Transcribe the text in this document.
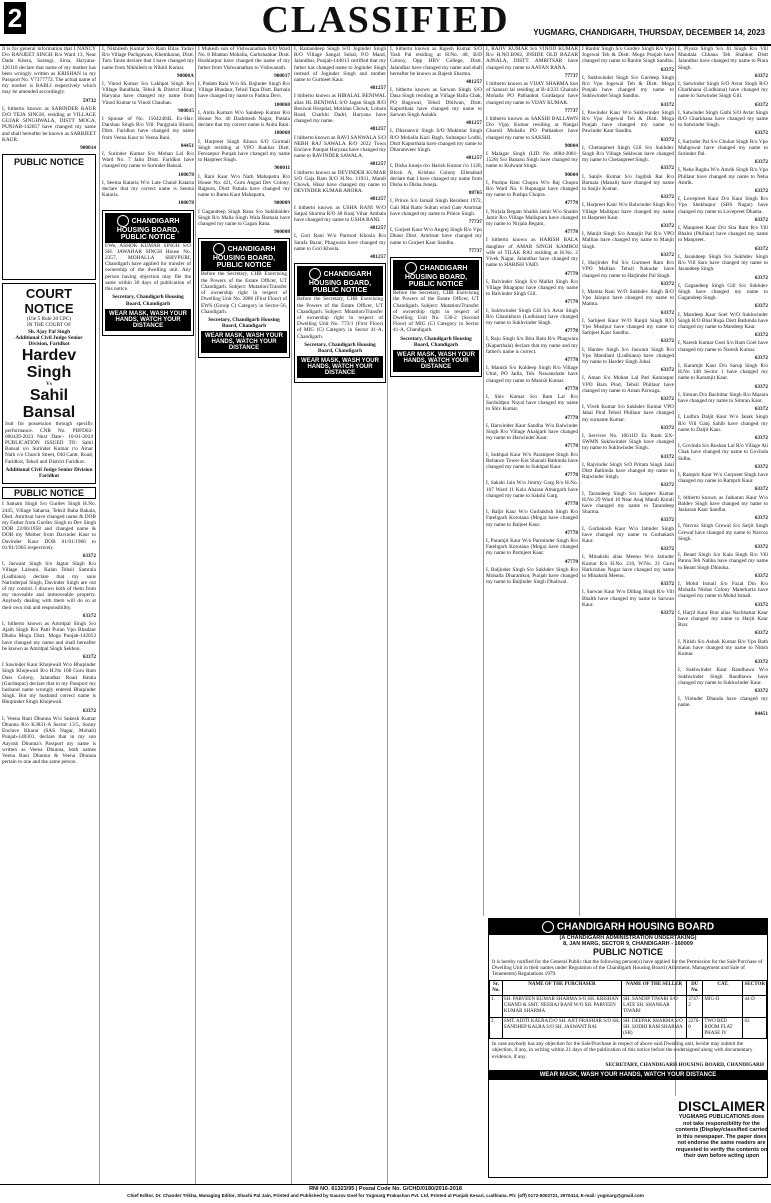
2	CLASSIFIED	YUGMARG, CHANDIGARH, THURSDAY, DECEMBER 14, 2023

It is for general information that I NANCY D/o RANJEET SINGH R/o Ward 13, Near Dada Khera, Sarangi, Sirsa, Haryana-126118 declare that name of my mother has been wrongly written as KRISHAN in my Passport No. V7377772. The actual name of my mother is BABLI respectively which may be amended accordingly.

59732

I, hitherto known as SARINDER KAUR D/O TEJA SINGH, residing at VILLAGE GUJAR SINGHWALA, DISTT MOGA, PUNJAB-142057 have changed my name and shall hereafter be known as SARBJEET KAUR.

900014

PUBLIC NOTICE
COURT NOTICE
(Ule 5 Rule 20 CPC)
IN THE COURT OF
Sh. Ajay Pal Singh
Additional Civil Judge Senior Division, Faridkot
Hardev Singh
Vs
Sahil Bansal

Suit for possession through specific performance. CNR No. PBFD02-000439-2023 Next Date:- 10-01-2024 PUBLICATION ISSUED TO: Sahil Bansal s/o Surinder Kumar r/o Amar Nath c/o Church Street, Old Cantt. Road, Faridkot, Tehsil and District Faridkot.

Additional Civil Judge Senior Division Faridkot

PUBLIC NOTICE

I Satnam Singh S/o Gurdev Singh H.No. 2445, Village Saharsa, Tehsil Baba Bakala, Distt. Amritsar have changed name & DOB my Father from Gurdev Singh to Dev Singh DOB 22/06/1958 and changed name & DOB my Mother from Davinder Kaur to Davinder Kaur DOB 01/01/1966 to 01/01/1965 respectively.

63372

I, Jaswant Singh S/o Jagtar Singh R/o Village Lalouni, Kalan Tehsil Samrala (Ludhiana) declare that my sons Narinderpal Singh, Davinder Singh are out of my control. I disown both of them from my moveable and immoveable property. Anybody dealing with them will do so at their own risk and responsibility.

63372

I, hitherto known as Amritpal Singh S/o Ajaib Singh R/o Patti Puran Vpo Bhadaur Dhaba Moga Distt. Moga Punjab-142053 have changed my name and shall hereafter be known as Amritpal Singh Sekhon.

63372

I Sawinder Kaur Khojewali W/o Bhupinder Singh Khojewali R/o H.No 168 Guru Ram Dass Colony, Jalandhar Road Batala (Gurdaspur) declare that in my Passport my husband name wrongly entered Bhupinder Singh. But my husband correct name is Bhupinder Singh Khojewali.

63372

I, Veena Rani Dhunna W/o Sukesh Kumar Dhunna R/o K3831-A Sector 13/5, Sonny Enclave Kharar (SAS Nagar, Mohali) Punjab-140301, declare that in my son Aayush Dhunna's Passport my name is written as Veena Dhunna, both names Veena Rani Dhunna & Veena Dhunna pertain to one and the same person.

I, Nikhilesh Kumar S/o Ram Bilas Yadav R/o Village Pachgawan, Khemkaran, Distt. Tarn Taran declare that I have changed my name from Nikhilesh to Nikhil Kumar.

90000A

I, Vinod Kumar S/o Lakhpat Singh R/o Village Bandhala, Tehsil & District Hisar, Haryana have changed my name from Vinod Kumar to Vinod Chauhan.

900015

I Spouse of No. 15042404L Ex-Hav. Darshan Singh R/o Vill. Panjgrain Khurd, Distt. Faridkot have changed my name from Veena Kaur to Veena Rani.

84451

I, Surinder Kumar S/o Mohan Lal R/o Ward No. 7 Jaito Distt. Faridkot have changed my name to Surinder Bansal.

100078

I, Seema Kataria W/o Late Chand Kataria declare that my correct name is Seema Kataria.

100078

CHANDIGARH HOUSING BOARD, PUBLIC NOTICE

I/We, ASHOK KUMAR SINGH S/O SH. JAWAHAR SINGH House No. 2357, MOHALLA SHIVPURI, Chandigarh have applied for transfer of ownership of the dwelling unit. Any person having objection may file the same within 30 days of publication of this notice.

Secretary, Chandigarh Housing Board, Chandigarh

WEAR MASK, WASH YOUR HANDS, WATCH YOUR DISTANCE

I Mukesh son of Vishwanathan R/O Ward No. 8 Bhattan Mohalla, Garhshankar Distt. Hoshiarpur have changed the name of my father from Vishwanathan to Vishwanath.

900017

I, Padam Rani W/o Sh. Bajinder Singh R/o Village Bhadaur, Tehsil Tapa Distt. Barnala have changed my name to Padma Devi.

100068

I, Anita Kumari W/o Sandeep Kumar R/o House No. 46 Dashmesh Nagar, Patiala declare that my correct name is Anita Rani.

100068

I, Harpreet Singh Khosa S/O Gurmail Singh residing at VPO Jhakhar Distt. Ferozepur Punjab have changed my name to Harpreet Singh.

900011

I, Rani Kaur W/o Nath Mahapatra R/o House No. 421, Guru Angad Dev Colony, Rajpura, Distt Patiala have changed my name to Rama Kant Mahapatra.

900009

I Gagandeep Singh Rana S/o Sukhbaldev Singh R/o Malla Singh Wala Barnala have changed my name to Gagan Rana.

900008

CHANDIGARH HOUSING BOARD, PUBLIC NOTICE

Before the Secretary, CHB Exercising the Powers of the Estate Officer, UT Chandigarh. Subject: Mutation/Transfer of ownership right in respect of Dwelling Unit No. 2886 (First Floor) of EWS (Group C) Category in Sector-56, Chandigarh.

Secretary, Chandigarh Housing Board, Chandigarh

WEAR MASK, WASH YOUR HANDS, WATCH YOUR DISTANCE

I, Ramandeep Singh S/O Joginder Singh R/O Village Sangal Sohal, P.O Mand, Jalandhar, Punjab-144013 certified that my father has changed name to Joginder Singh instead of Joginder Singh and mother name to Gurmeet Kaur.

481257

I hitherto known as HIRALAL BENIWAL alias HL BENIWAL S/O Jagan Singh R/O Beniwal Hospital, Motidan Chowk, Lohara Road, Charkhi Dadri, Haryana have changed my name.

481257

I hitherto known as RAVI SANWALA S/O NEBH RAJ SAWALA R/O 2022 Town Enclave Panipat Haryana have changed my name to RAVINDER SAWALA.

481257

I hitherto known as DEVINDER KUMAR S/O Gaja Ram R/O H.No. 11931, Mandi Chowk, Hisar have changed my name to DEVINDER KUMAR ARORA.

481257

I hitherto known as USHA RANI W/O Satpal Sharma R/O 48 Kunj Vihar Ambala have changed my name to USHA RANI.

481257

I, Gori Rani W/o Parmod Khosla R/o Sarafa Bazar, Phagwara have changed my name to Gori Khosla.

481257

CHANDIGARH HOUSING BOARD, PUBLIC NOTICE

Before the Secretary, CHB Exercising the Powers of the Estate Officer, UT Chandigarh. Subject: Mutation/Transfer of ownership right in respect of Dwelling Unit No. 773/1 (First Floor) of MIG (C) Category in Sector 41-A, Chandigarh.

Secretary, Chandigarh Housing Board, Chandigarh

WEAR MASK, WASH YOUR HANDS, WATCH YOUR DISTANCE

I, hitherto known as Rajesh Kumar S/O Yash Pal residing at H.No. 48, B/D Colony, Opp HBV College, Distt. Jalandhar have changed my name and shall hereafter be known as Rajesh Sharma.

481257

I, hitherto known as Sarwan Singh S/O Dasa Singh residing at Village Balla Chak, PO Bagowal, Tehsil Dhilwan, Distt. Kapurthala have changed my name to Sarwan Singh Aulakh.

481257

I, Dharamvir Singh S/O Mukhtiar Singh R/O Mohalla Kazi Bagh, Sultanpur Lodhi, Distt Kapurthala have changed my name to Dharamveer Singh.

481257

I, Disha Juneja d/o Harish Kumar r/o 1128, Block A, Krishna Colony Ellenabad declare that I have changed my name from Disha to Disha Juneja.

88765

I, Prince S/o Jarnail Singh Resident 1972, Gali Mai Ratto Sultan wind Gate Amritsar have changed my name to Prince Singh.

77737

I, Gurjeet Kaur W/o Angrej Singh R/o Vpo Dhaur Distt. Amritsar have changed my name to Gurjeet Kaur Sandhu.

77737

CHANDIGARH HOUSING BOARD, PUBLIC NOTICE

Before the Secretary, CHB Exercising the Powers of the Estate Officer, UT Chandigarh. Subject: Mutation/Transfer of ownership right in respect of Dwelling Unit No. 530-2 (Second Floor) of MIG (C) Category in Sector 41-A, Chandigarh.

Secretary, Chandigarh Housing Board, Chandigarh

WEAR MASK, WASH YOUR HANDS, WATCH YOUR DISTANCE

I, RAJIV KUMAR S/o VINOD KUMAR R/o H.NO.B962, INSIDE OLD BAZAR AJNALA, DISTT. AMRITSAR have changed my name to AAYAN RANA.

77737

I hitherto known as VIJAY SHARMA Son of Sansari lal residing at B-4/233 Ghanshi Mohalla PO Pathankot Gurdaspur have changed my name to VIJAY KUMAR.

77737

I hitherto known as SAKSHI BALLAWN D/o Vijay Kumar residing at Nangal Gharoli Mohalla PO Pathankot have changed my name to SAKSHI.

90004

I Malagar Singh (LID No 4684-2081-1528) S/o Banarsi Singh have changed my name to Kulwant Singh.

90004

I, Pushpa Rani Chopra W/o Raj Chopra R/o Ward No. 6 Rupnagar have changed my name to Pushpa Chopra.

47778

I, Nirjala Begam Shaikh Jamir W/o Shaikh Jamir R/o Village Malikpura have changed my name to Nirjala Begam.

47778

I hitherto known as HARISH BALA daughter of AMAR SINGH KAMBOJ wife of TILAK RAJ residing at H.No. 2 Vivek Nagar, Jalandhar have changed my name to HARISH VAID.

47778

I, Balvinder Singh S/o Malkit Singh R/o Village Bhagupur have changed my name to Balvinder Singh Gill.

47778

I, Sukhwinder Singh Gill S/o Avtar Singh R/o Ghanikhura (Ludhiana) have changed my name to Sukhvinder Singh.

47778

I, Raju Singh S/o Bira Ram R/o Phagwara (Kapurthala) declare that my name and my father's name is correct.

47778

I, Manish S/o Kuldeep Singh R/o Village Uttal, PO Jadla, Teh. Nawanshahr have changed my name to Manish Kumar.

47778

I, Shiv Kumar S/o Ram Lal R/o Sarduldpur Nayal have changed my name to Shiv Kumar.

47778

I, Harwinder Kaur Sandhu W/o Balwinder Singh R/o Village Akalgarh have changed my name to Harwinder Kaur.

47778

I, Sukhpal Kaur W/o Paramjeet Singh R/o Reliance Tower Kot Shanali Bathinda have changed my name to Sukhpal Kaur.

47778

I, Sakshi Jain W/o Jimmy Garg R/o H.No. 107 Ward 11 Kalu Aharan Amargarh have changed my name to Sakshi Garg.

47778

I, Baljit Kaur W/o Gurbakhsh Singh R/o Fatehgarh Korotana (Moga) have changed my name to Baljeet Kaur.

47778

I, Paramjit Kaur W/o Parminder Singh R/o Fatehgarh Korotana (Moga) have changed my name to Parmjeet Kaur.

47778

I, Baljinder Singh S/o Sukhdev Singh R/o Mohalla Dharamkot, Punjab have changed my name to Baljinder Singh Dhaliwal.

I Ranbir Singh S/o Gurdev Singh R/o Vpo Jogewal Teh & Distt. Moga Punjab have changed my name to Ranbir Singh Sandhu.

63372

I, Sukhwinder Singh S/o Gurdeep Singh R/o Vpo Jogewal Teh & Distt. Moga Punjab have changed my name to Sukhwinder Singh Sandhu.

63372

I, Pawinder Kaur W/o Sukhwinder Singh R/o Vpo Jogewal Teh & Distt. Moga Punjab have changed my name to Pawinder Kaur Sandhu.

63372

I, Chetanpreet Singh Gill S/o Sukhdev Singh R/o Village Sekhwan have changed my name to Chetanpreet Singh.

63372

I, Sanjiv Kumar S/o Jagdish Rai R/o Barnala (Manali) have changed my name to Sanjiv Kumar.

63372

I, Harpreet Kaur W/o Balwinder Singh R/o Village Malikpur have changed my name to Harpreet Kaur.

63372

I, Manjit Singh S/o Amarjit Pal R/o VPO Mallian have changed my name to Manjit Singh.

63372

I, Harjinder Pal S/o Gurmeet Ram R/o VPO Mallian Tehsil Nakodar have changed my name to Harjinder Pal Singh.

63372

I, Mamta Rani W/O Sukhdev Singh R/O Vpo Jalopur have changed my name to Mamta.

63372

I, Sarbjeet Kaur W/O Ranjit Singh R/O Vpo Muslpur have changed my name to Sarbjeet Kaur Sandhu.

63372

I, Hardev Singh S/o Jaswant Singh R/o Vpo Mandiani (Ludhiana) have changed my name to Hardev Singh Johal.

63372

I, Aman S/o Mohan Lal Pati Kamaspur VPO Bara Pind, Tehsil Phillaur have changed my name to Aman Parwaga.

63372

I, Vivek Kumar S/o Sukhdev Kumar VPO Jahal Pind Tehsil Phillaur have changed my surname Kumar.

63372

I, Servicer No. 16611D Ex Rank EX-SWMN Sukhwinder Singh have changed my name to Sukhwinder Singh.

63372

I, Rajvinder Singh S/O Pritam Singh Jalal Distt Bathinda have changed my name to Rajwinder Singh.

63372

I, Tarandeep Singh S/o Sanjeev Kumar H.No 29 Ward 10 Near Anaj Mandi Kurali have changed my name to Tarandeep Sharma.

63372

I, Gurbakash Kaur W/o Jatinder Singh have changed my name to Gurbakash Kaur.

63372

I, Minakshi alias Meenu W/o Jatinder Kumar R/o H.No. 210, W.No. 21 Guru Harkrishan Nagar have changed my name to Minakshi Meenu.

63372

I, Sarwan Kaur W/o Dilbag Singh R/o Vill Bhalth have changed my name to Sarwan Kaur.

63372

I, Piyara Singh S/o Jit Singh R/o Vill Mandala Chhana Teh Shahkot Distt Jalandhar have changed my name to Piara Singh.

63372

I, Satwinder Singh S/O Avtar Singh R/O Gharkhana (Ludhiana) have changed my name to Satwinder Singh Gill.

63372

I, Satwinder Singh Gathi S/O Avtar Singh R/O Gharkhana have changed my name to Satwinder Singh.

63372

I, Surinder Pal S/o Chuhar Singh R/o Vpo Mahgowal have changed my name to Surinder Pal.

63372

I, Neha Raghu W/o Amrik Singh R/o Vpo Phillaur have changed my name to Neha Amrik.

63372

I, Lovepreet Kaur D/o Kaur Singh R/o Vpo Shekhupur (SBS Nagar) have changed my name to Lovepreet Dhama.

63372

I, Manpreet Kaur D/o Sita Ram R/o Vill Bhalni (Phillaur) have changed my name to Manpreet.

63372

I, Jasandeep Singh S/o Sukhdev Singh R/o Vill Saro have changed my name to Jasandeep Singh.

63372

I, Gagandeep Singh Gill S/o Sukhdev Singh have changed my name to Gagandeep Singh.

63372

I, Mandeep Kaur Soel W/O Sukhwinder Singh R/O Bhal Rupa Distt Bathinda have changed my name to Mandeep Kaur.

63372

I, Naresh Kumar Goel S/o Ram Goel have changed my name to Naresh Kumar.

63372

I, Karamjit Kaur D/o Sarup Singh R/o H.No 148 Sector 1 have changed my name to Karamjit Kaur.

63372

I, Simran D/o Bachittar Singh R/o Mazara have changed my name to Simran Kaur.

63372

I, Ludhra Daljit Kaur W/o Janak Singh R/o Vill Ganj Sahib have changed my name to Daljit Kaur.

63372

I, Govinda S/o Roshan Lal R/o Village Ali Chak have changed my name to Govinda Sidhu.

63372

I, Ramprit Kaur W/o Gurpreet Singh have changed my name to Ramprit Kaur.

63372

I, hitherto known as Jaskaran Kaur W/o Baldev Singh have changed my name to Jaskaran Kaur Sandhu.

63372

I, Navroz Singh Grewal S/o Sarjit Singh Grewal have changed my name to Navroz Singh.

63372

I, Beant Singh S/o Kala Singh R/o Vill Panna Teh Nabha have changed my name to Beant Singh Dhindsa.

63372

I, Mohd Ismail S/o Fazal Din R/o Mohalla Nishat Colony Malerkotla have changed my name to Mohd Ismail.

63372

I, Harjit Kaur Brar alias Nachhattar Kaur have changed my name to Harjit Kaur Brar.

63372

I, Nitish S/o Ashok Kumar R/o Vpo Bath Kalan have changed my name to Nitish Kumar.

63372

I, Sukhwinder Kaur Randhawa W/o Sukhwinder Singh Randhawa have changed my name to Sukhwinder Kaur.

63372

I, Virender Dhanda have changed my name.

84451

CHANDIGARH HOUSING BOARD
(A CHANDIGARH ADMINISTRATION UNDERTAKING)
8, JAN MARG, SECTOR 9, CHANDIGARH - 160009
PUBLIC NOTICE

It is hereby notified for the General Public that the following person(s) have applied for the Permission for the Sale/Purchase of Dwelling Unit in their names under Regulation of the Chandigarh Housing Board (Allotment, Management and Sale of Tenements) Regulations 1979.

Sr. No.	NAME OF THE PURCHASER	NAME OF THE SELLER	DU No.	CAT.	SECTOR
1.	SH. PARVEEN KUMAR SHARMA S/O SH. KRISHAN CHAND & SMT. NEERAJ RANI W/O SH. PARVEEN KUMAR SHARMA	SH. SANDIP TIWARI S/O LATE SH. SHANKAR TIWARI	3747-2	MIG-II	44-D
2.	SMT. ADITI KALRA D/O SH. AJIT PRASHAR S/O SH. SANDHEP KALRA S/O SH. JASWANT RAI	SH. DEEPAK SHARMA S/O SH. SODHI RAM SHARMA (SR)	2276-0	TWO BED ROOM FLAT PHASE IV	63

In case anybody has any objection for the Sale/Purchase in respect of above said Dwelling unit, he/she may submit the objection, if any, in writing within 21 days of the publication of this notice before the undersigned along with documentary evidence, if any.

SECRETARY, CHANDIGARH HOUSING BOARD, CHANDIGARH

WEAR MASK, WASH YOUR HANDS, WATCH YOUR DISTANCE
DISCLAIMER
YUGMARG PUBLICATIONS does not take responsibility for the contents (Display/classified carried in this newspaper. The paper does not endorse the same readers are requested to verify the contents on their own before acting upon
RNI NO. 61323/95 | Postal Code No. G/CHD/0180/2016-2018
Chief Editor, Dr. Chander Trikha, Managing Editor, Shashi Pal Jain, Printed and Published by Gaurav Goel for Yugmarg Prakashan Pvt. Ltd. Printed at Punjab Kesari, Ludhiana. Ph: (off) 0172-5002721, 2970414, E-mail: yugmarg@gmail.com
